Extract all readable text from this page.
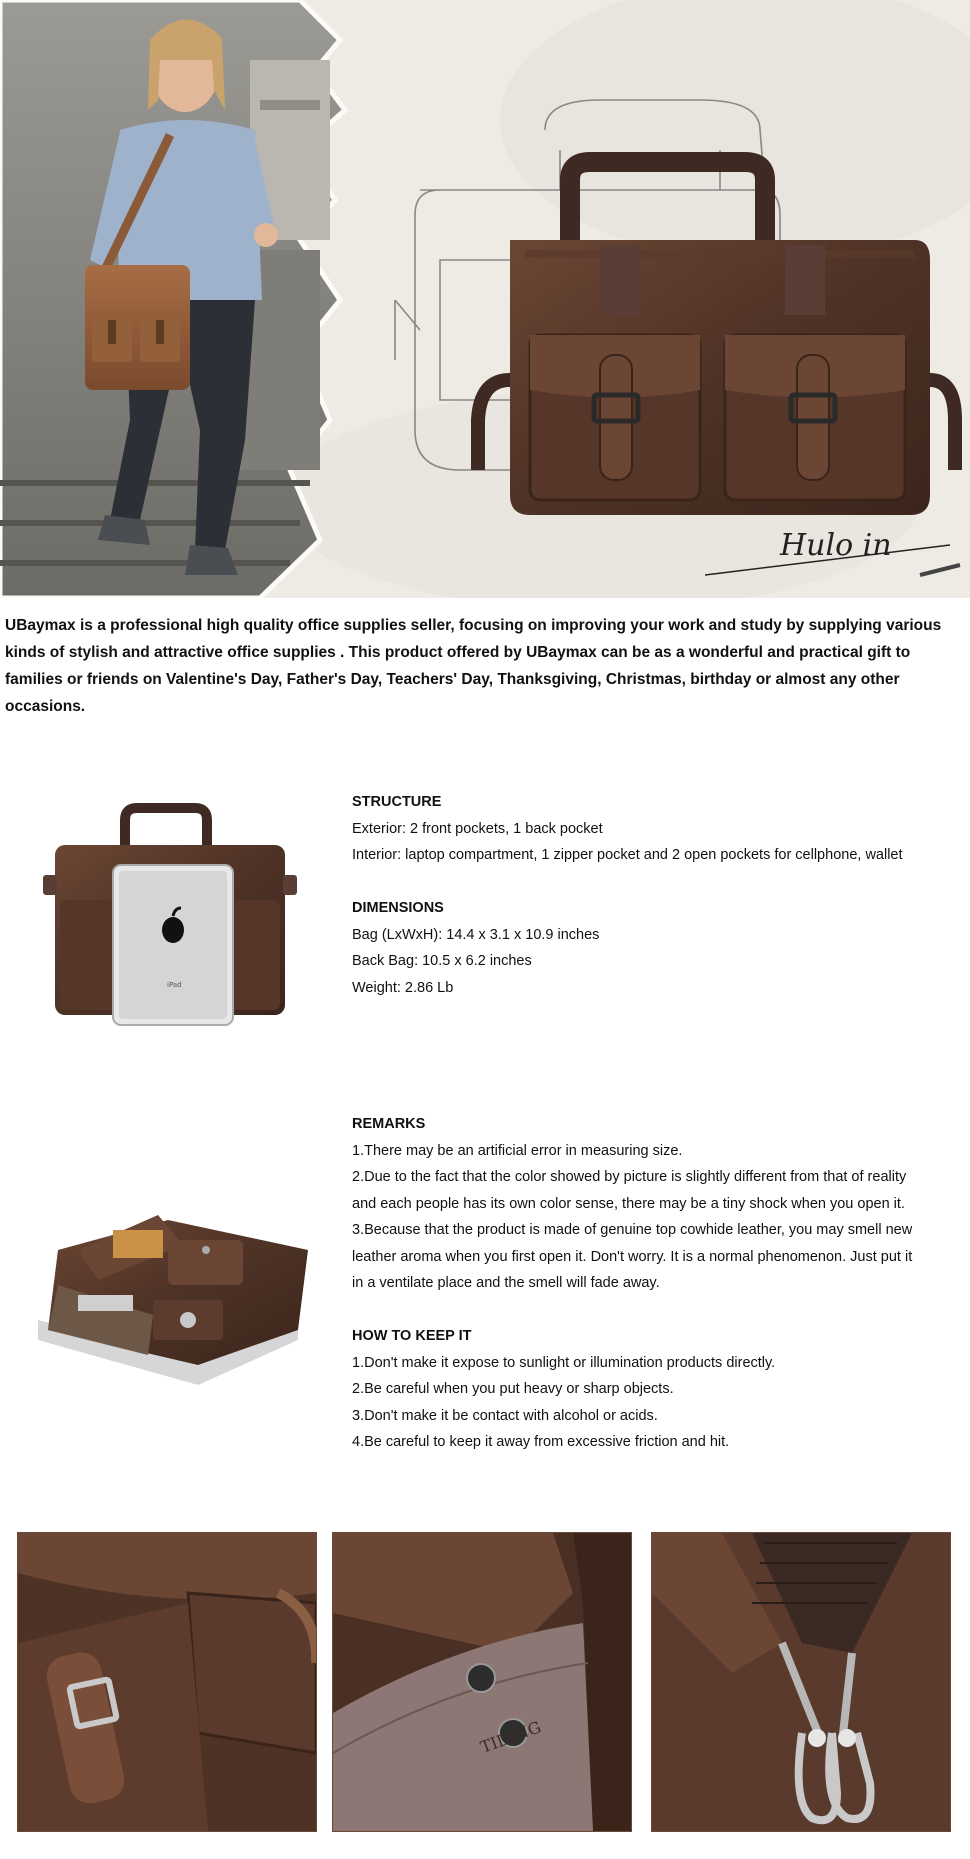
Hulo in
UBaymax is a professional high quality office supplies seller, focusing on improving your work and study by supplying various kinds of stylish and attractive office supplies . This product offered by UBaymax can be as a wonderful and practical gift to families or friends on Valentine's Day, Father's Day, Teachers' Day, Thanksgiving, Christmas, birthday or almost any other occasions.
iPad
STRUCTURE

Exterior: 2 front pockets, 1 back pocket

Interior: laptop compartment, 1 zipper pocket and 2 open pockets for cellphone, wallet

DIMENSIONS

Bag (LxWxH): 14.4 x 3.1 x 10.9 inches

Back Bag: 10.5 x 6.2 inches

Weight: 2.86 Lb

REMARKS

1.There may be an artificial error in measuring size.

2.Due to the fact that the color showed by picture is slightly different from that of reality and each people has its own color sense, there may be a tiny shock when you open it.

3.Because that the product is made of genuine top cowhide leather, you may smell new leather aroma when you first open it. Don't worry. It is a normal phenomenon. Just put it in a ventilate place and the smell will fade away.

HOW TO KEEP IT

1.Don't make it expose to sunlight or illumination products directly.

2.Be careful when you put heavy or sharp objects.

3.Don't make it be contact with alcohol or acids.

4.Be careful to keep it away from excessive friction and hit.

TIDING
